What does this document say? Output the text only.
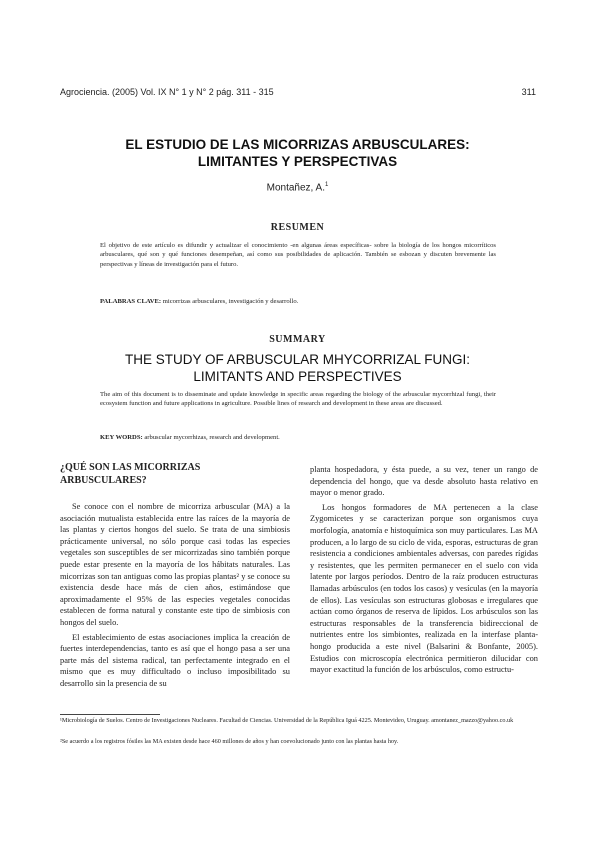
Agrociencia. (2005) Vol. IX N° 1 y N° 2 pág. 311 - 315	311
EL ESTUDIO DE LAS MICORRIZAS ARBUSCULARES:
LIMITANTES Y PERSPECTIVAS
Montañez, A.$^1$
RESUMEN
El objetivo de este artículo es difundir y actualizar el conocimiento -en algunas áreas específicas- sobre la biología de los hongos micorríticos arbusculares, qué son y qué funciones desempeñan, así como sus posibilidades de aplicación. También se esbozan y discuten brevemente las perspectivas y líneas de investigación para el futuro.
PALABRAS CLAVE: micorrizas arbusculares, investigación y desarrollo.
SUMMARY
THE STUDY OF ARBUSCULAR MHYCORRIZAL FUNGI:
LIMITANTS AND PERSPECTIVES
The aim of this document is to disseminate and update knowledge in specific areas regarding the biology of the arbuscular mycorrhizal fungi, their ecosystem function and future applications in agriculture. Possible lines of research and development in these areas are discussed.
KEY WORDS: arbuscular mycorrhizas, research and development.
¿QUÉ SON LAS MICORRIZAS
ARBUSCULARES?

Se conoce con el nombre de micorriza arbuscular (MA) a la asociación mutualista establecida entre las raíces de la mayoría de las plantas y ciertos hongos del suelo. Se trata de una simbiosis prácticamente universal, no sólo porque casi todas las especies vegetales son susceptibles de ser micorrizadas sino también porque puede estar presente en la mayoría de los hábitats naturales. Las micorrizas son tan antiguas como las propias plantas² y se conoce su existencia desde hace más de cien años, estimándose que aproximadamente el 95% de las especies vegetales conocidas establecen de forma natural y constante este tipo de simbiosis con hongos del suelo.

El establecimiento de estas asociaciones implica la creación de fuertes interdependencias, tanto es así que el hongo pasa a ser una parte más del sistema radical, tan perfectamente integrado en el mismo que es muy difficultado o incluso imposibilitado su desarrollo sin la presencia de su

planta hospedadora, y ésta puede, a su vez, tener un rango de dependencia del hongo, que va desde absoluto hasta relativo en mayor o menor grado.

Los hongos formadores de MA pertenecen a la clase Zygomicetes y se caracterizan porque son organismos cuya morfología, anatomía e histoquímica son muy particulares. Las MA producen, a lo largo de su ciclo de vida, esporas, estructuras de gran resistencia a condiciones ambientales adversas, con paredes rígidas y resistentes, que les permiten permanecer en el suelo con vida latente por largos períodos. Dentro de la raíz producen estructuras llamadas arbúsculos (en todos los casos) y vesículas (en la mayoría de ellos). Las vesículas son estructuras globosas e irregulares que actúan como órganos de reserva de lípidos. Los arbúsculos son las estructuras responsables de la transferencia bidireccional de nutrientes entre los simbiontes, realizada en la interfase planta-hongo producida a este nivel (Balsarini & Bonfante, 2005). Estudios con microscopía electrónica permitieron dilucidar con mayor exactitud la función de los arbúsculos, como estructu-

¹Microbiología de Suelos. Centro de Investigaciones Nucleares. Facultad de Ciencias. Universidad de la República Iguá 4225. Montevideo, Uruguay. amontanez_mazzo@yahoo.co.uk
²Se acuerdo a los registros fósiles las MA existen desde hace 460 millones de años y han coevolucionado junto con las plantas hasta hoy.
